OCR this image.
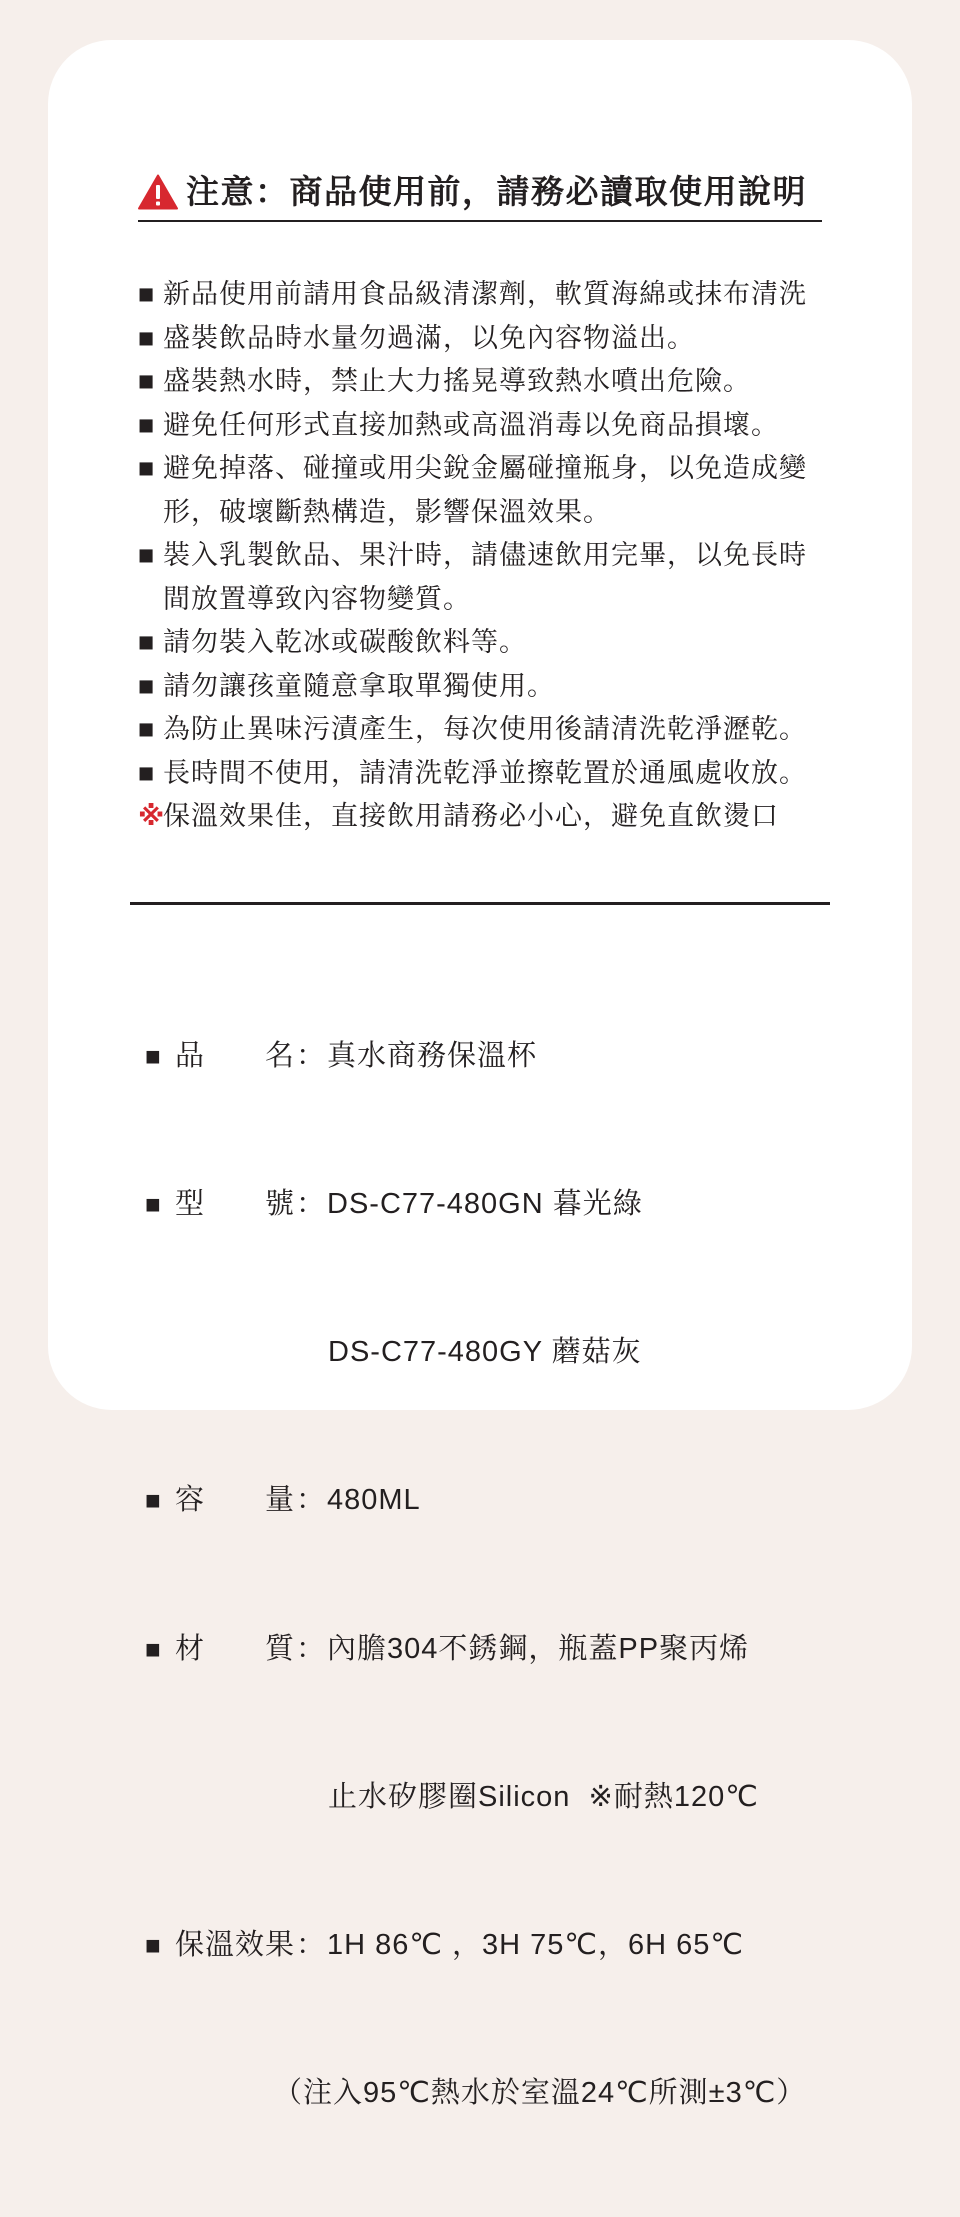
注意：商品使用前，請務必讀取使用說明
■ 新品使用前請用食品級清潔劑，軟質海綿或抹布清洗
■ 盛裝飲品時水量勿過滿，以免內容物溢出。
■ 盛裝熱水時，禁止大力搖晃導致熱水噴出危險。
■ 避免任何形式直接加熱或高溫消毒以免商品損壞。
■ 避免掉落、碰撞或用尖銳金屬碰撞瓶身，以免造成變
形，破壞斷熱構造，影響保溫效果。
■ 裝入乳製飲品、果汁時，請儘速飲用完畢，以免長時
間放置導致內容物變質。
■ 請勿裝入乾冰或碳酸飲料等。
■ 請勿讓孩童隨意拿取單獨使用。
■ 為防止異味污漬產生，每次使用後請清洗乾淨瀝乾。
■ 長時間不使用，請清洗乾淨並擦乾置於通風處收放。
※保溫效果佳，直接飲用請務必小心，避免直飲燙口

■ 品 名 ： 真水商務保溫杯

■ 型 號 ： DS-C77-480GN 暮光綠

DS-C77-480GY 蘑菇灰

■ 容 量 ： 480ML

■ 材 質 ： 內膽304不銹鋼，瓶蓋PP聚丙烯

止水矽膠圈Silicon  ※耐熱120℃

■ 保溫效果 ： 1H 86℃ ，3H 75℃，6H 65℃

（注入95℃熱水於室溫24℃所測±3℃）
